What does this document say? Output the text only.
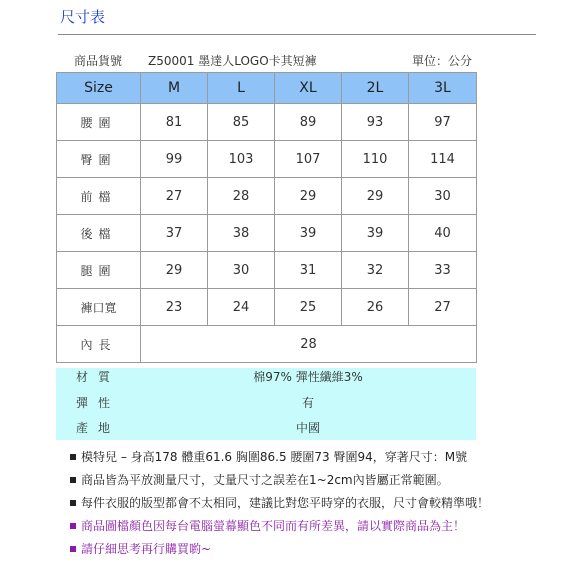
尺寸表
商品貨號 Z50001 墨達人LOGO卡其短褲	單位：公分
Size	M	L	XL	2L	3L
腰圍	81	85	89	93	97
臀圍	99	103	107	110	114
前檔	27	28	29	29	30
後檔	37	38	39	39	40
腿圍	29	30	31	32	33
褲口寬	23	24	25	26	27
內長	28				
材質	棉97% 彈性纖維3%
彈性	有
產地	中國
模特兒 – 身高178 體重61.6 胸圍86.5 腰圍73 臀圍94，穿著尺寸：M號
商品皆為平放測量尺寸，丈量尺寸之誤差在1~2cm內皆屬正常範圍。
每件衣服的版型都會不太相同，建議比對您平時穿的衣服，尺寸會較精準哦！
商品圖檔顏色因每台電腦螢幕顯色不同而有所差異，請以實際商品為主！
請仔細思考再行購買喲~
